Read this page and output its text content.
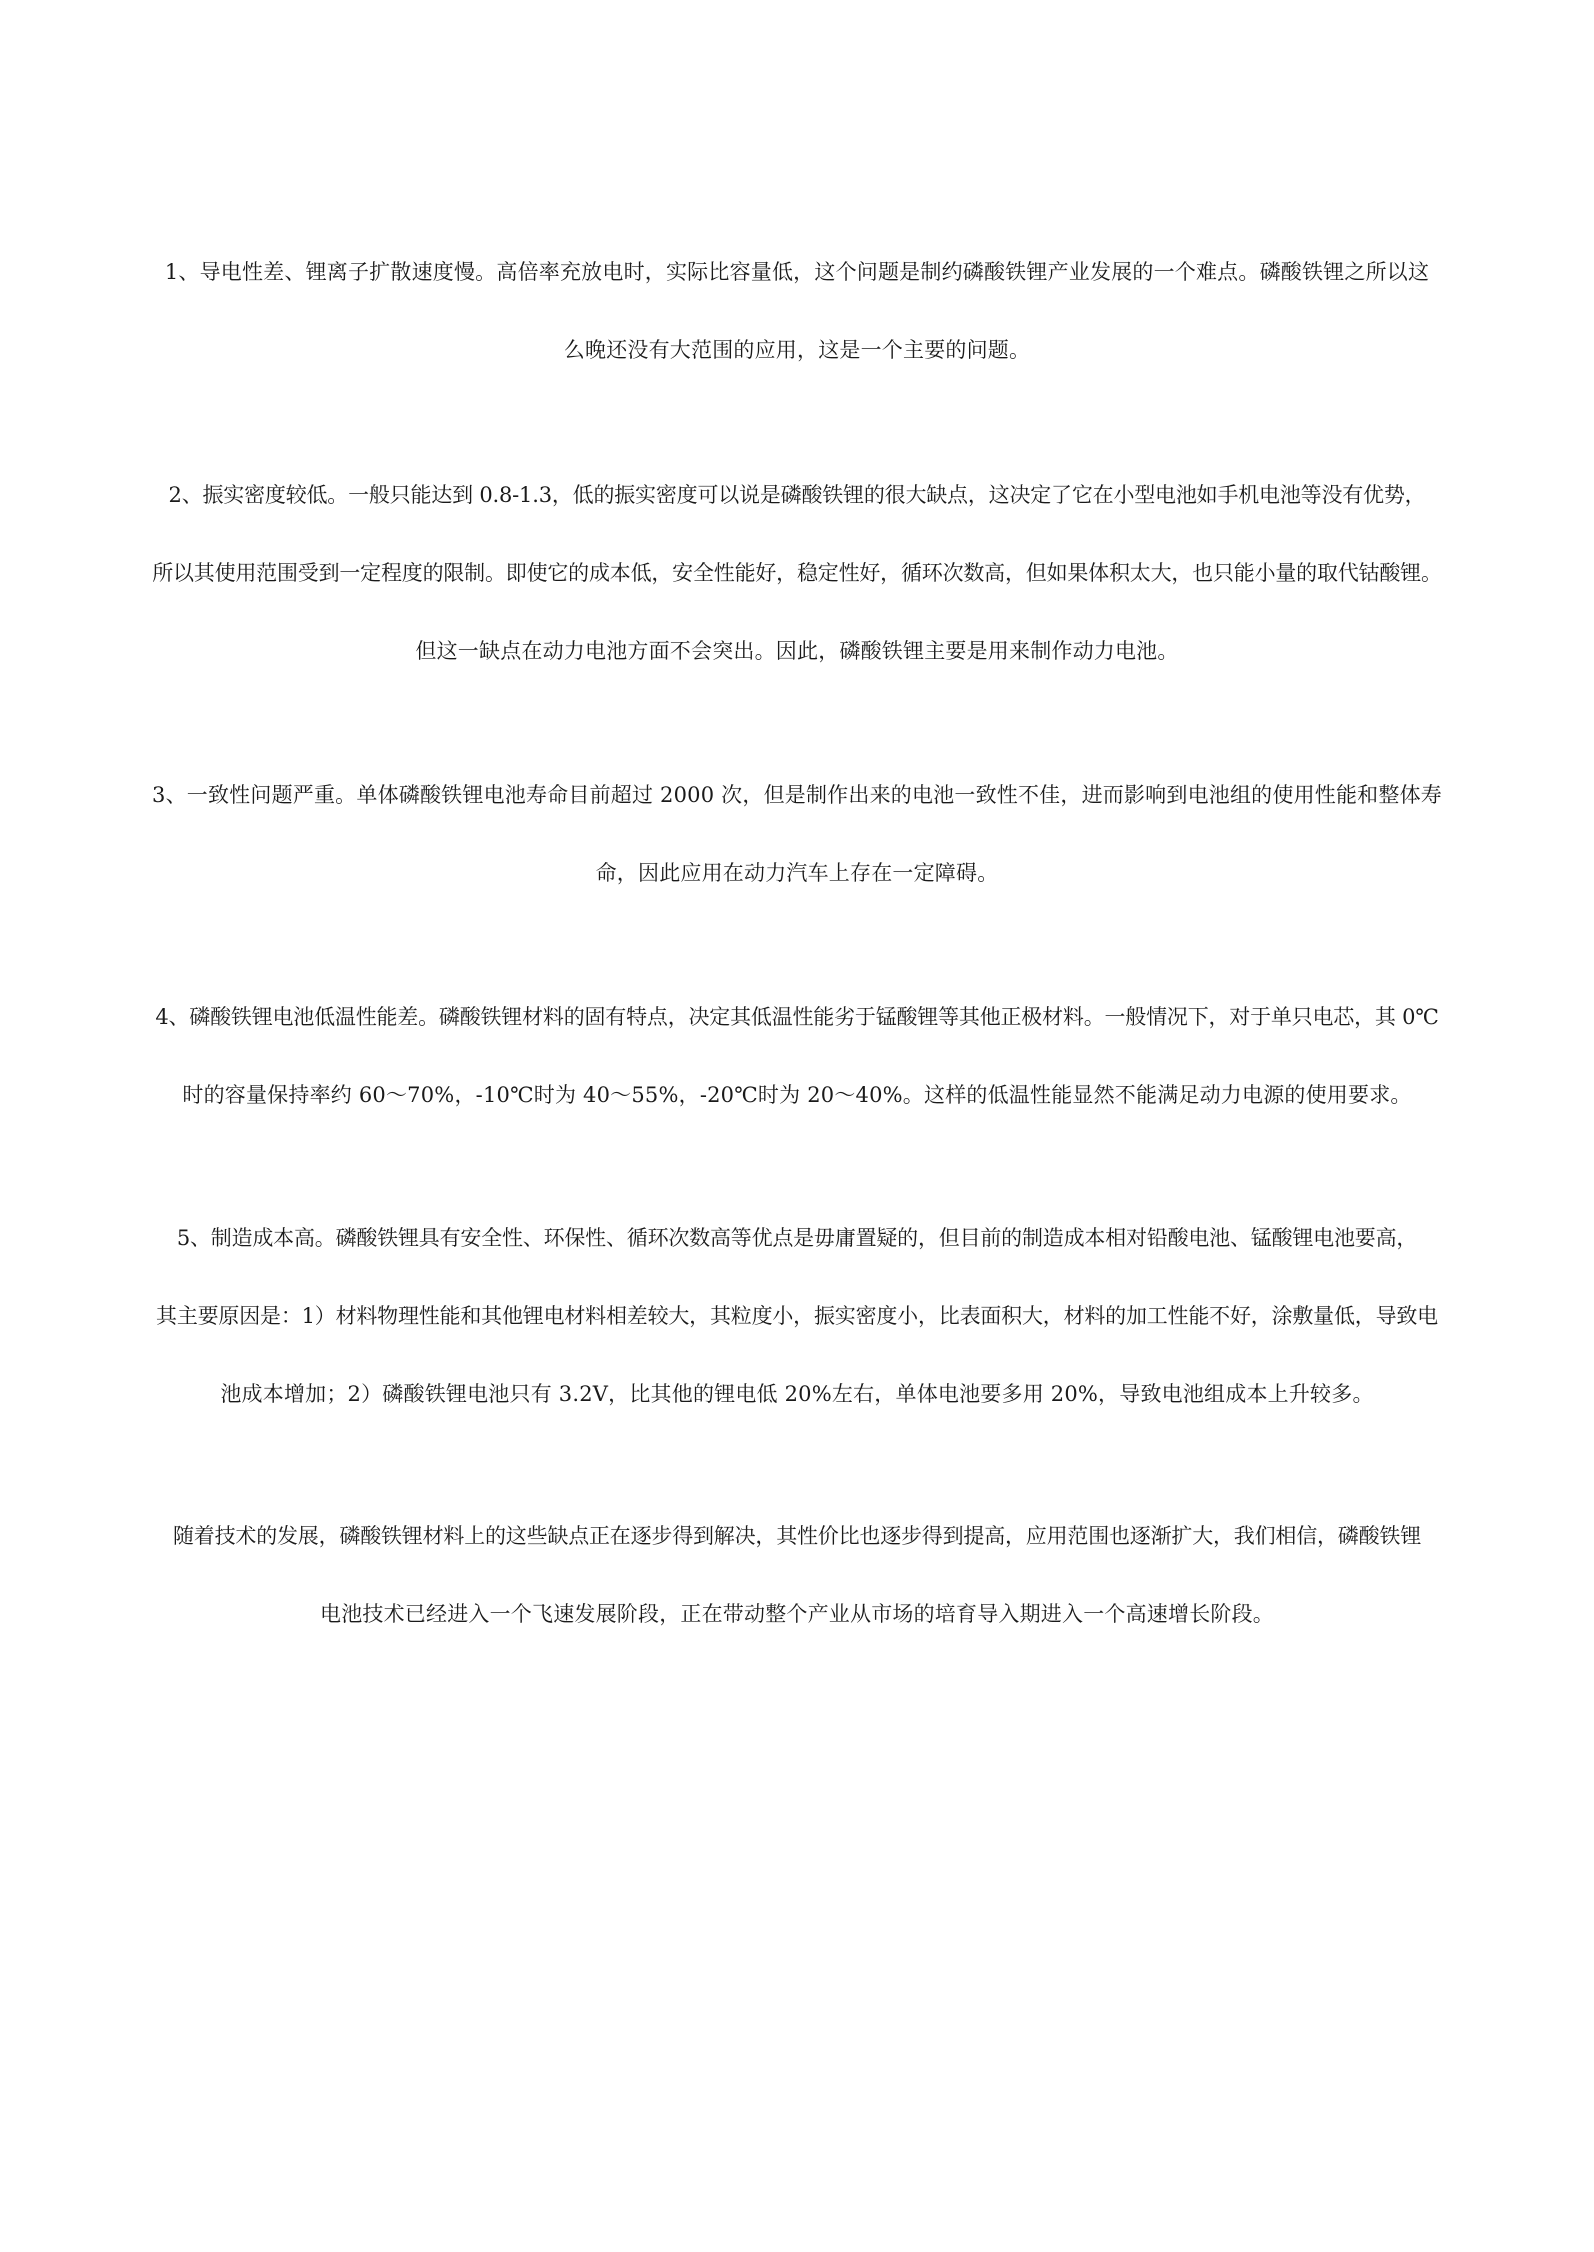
1、导电性差、锂离子扩散速度慢。高倍率充放电时，实际比容量低，这个问题是制约磷酸铁锂产业发展的一个难点。磷酸铁锂之所以这
么晚还没有大范围的应用，这是一个主要的问题。
2、振实密度较低。一般只能达到 0.8-1.3，低的振实密度可以说是磷酸铁锂的很大缺点，这决定了它在小型电池如手机电池等没有优势，
所以其使用范围受到一定程度的限制。即使它的成本低，安全性能好，稳定性好，循环次数高，但如果体积太大，也只能小量的取代钴酸锂。
但这一缺点在动力电池方面不会突出。因此，磷酸铁锂主要是用来制作动力电池。
3、一致性问题严重。单体磷酸铁锂电池寿命目前超过 2000 次，但是制作出来的电池一致性不佳，进而影响到电池组的使用性能和整体寿
命，因此应用在动力汽车上存在一定障碍。
4、磷酸铁锂电池低温性能差。磷酸铁锂材料的固有特点，决定其低温性能劣于锰酸锂等其他正极材料。一般情况下，对于单只电芯，其 0℃
时的容量保持率约 60～70%，-10℃时为 40～55%，-20℃时为 20～40%。这样的低温性能显然不能满足动力电源的使用要求。
5、制造成本高。磷酸铁锂具有安全性、环保性、循环次数高等优点是毋庸置疑的，但目前的制造成本相对铅酸电池、锰酸锂电池要高，
其主要原因是：1）材料物理性能和其他锂电材料相差较大，其粒度小，振实密度小，比表面积大，材料的加工性能不好，涂敷量低，导致电
池成本增加；2）磷酸铁锂电池只有 3.2V，比其他的锂电低 20%左右，单体电池要多用 20%，导致电池组成本上升较多。
随着技术的发展，磷酸铁锂材料上的这些缺点正在逐步得到解决，其性价比也逐步得到提高，应用范围也逐渐扩大，我们相信，磷酸铁锂
电池技术已经进入一个飞速发展阶段，正在带动整个产业从市场的培育导入期进入一个高速增长阶段。
